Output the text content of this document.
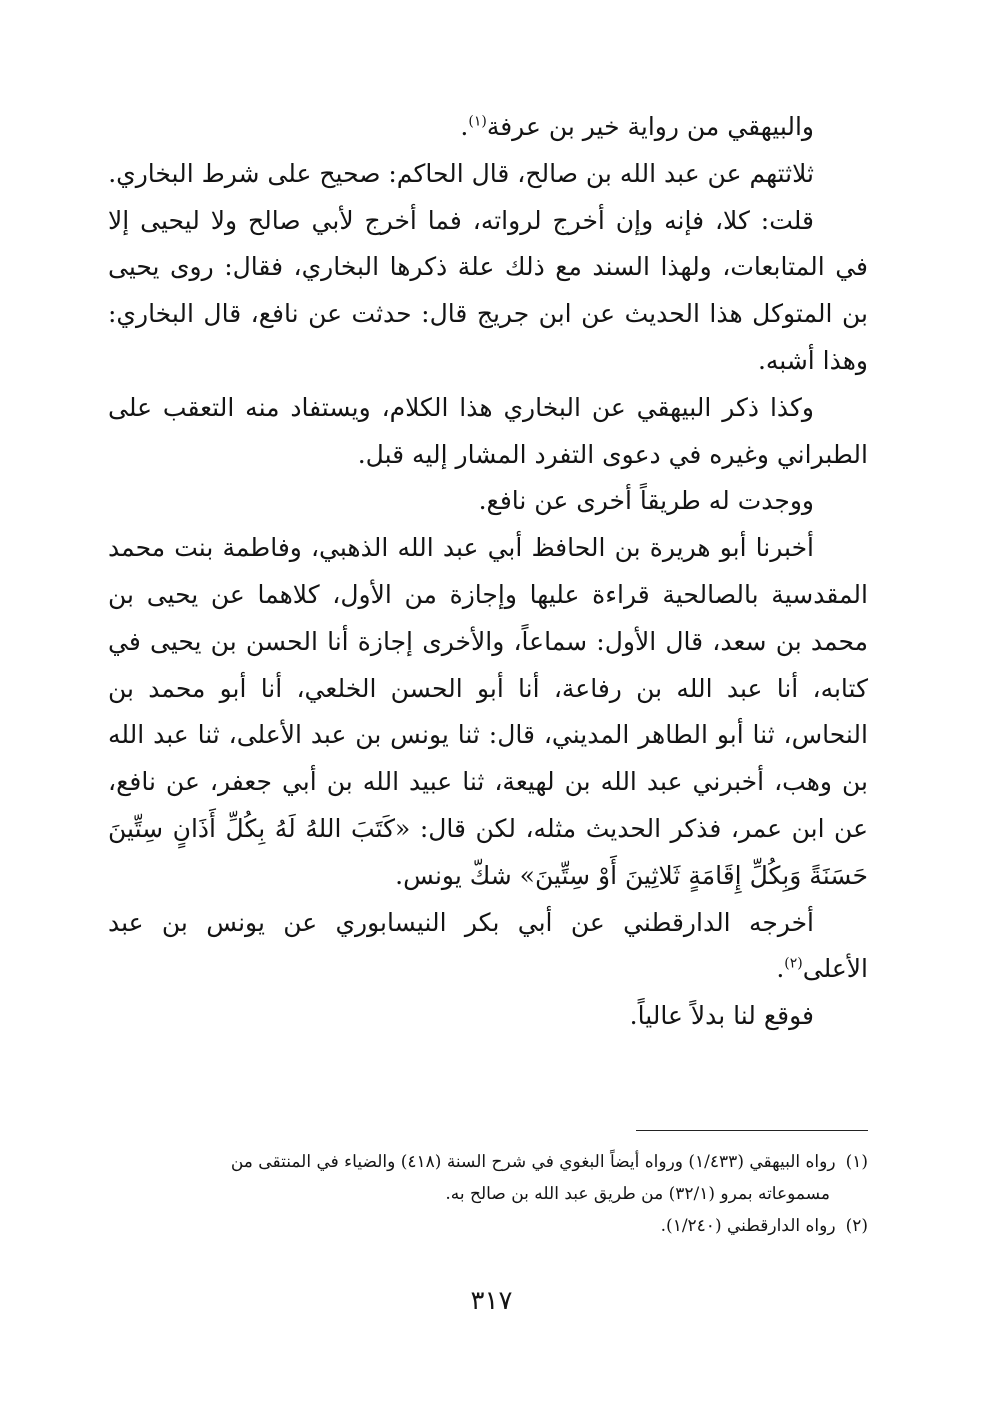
والبيهقي من رواية خير بن عرفة$^{(١)}$.

ثلاثتهم عن عبد الله بن صالح، قال الحاكم: صحيح على شرط البخاري.

قلت: كلا، فإنه وإن أخرج لرواته، فما أخرج لأبي صالح ولا ليحيى إلا في المتابعات، ولهذا السند مع ذلك علة ذكرها البخاري، فقال: روى يحيى بن المتوكل هذا الحديث عن ابن جريج قال: حدثت عن نافع، قال البخاري: وهذا أشبه.

وكذا ذكر البيهقي عن البخاري هذا الكلام، ويستفاد منه التعقب على الطبراني وغيره في دعوى التفرد المشار إليه قبل.

ووجدت له طريقاً أخرى عن نافع.

أخبرنا أبو هريرة بن الحافظ أبي عبد الله الذهبي، وفاطمة بنت محمد المقدسية بالصالحية قراءة عليها وإجازة من الأول، كلاهما عن يحيى بن محمد بن سعد، قال الأول: سماعاً، والأخرى إجازة أنا الحسن بن يحيى في كتابه، أنا عبد الله بن رفاعة، أنا أبو الحسن الخلعي، أنا أبو محمد بن النحاس، ثنا أبو الطاهر المديني، قال: ثنا يونس بن عبد الأعلى، ثنا عبد الله بن وهب، أخبرني عبد الله بن لهيعة، ثنا عبيد الله بن أبي جعفر، عن نافع، عن ابن عمر، فذكر الحديث مثله، لكن قال: «كَتَبَ اللهُ لَهُ بِكُلِّ أَذَانٍ سِتِّينَ حَسَنَةً وَبِكُلِّ إِقَامَةٍ ثَلاثِينَ أَوْ سِتِّينَ» شكّ يونس.

أخرجه الدارقطني عن أبي بكر النيسابوري عن يونس بن عبد الأعلى$^{(٢)}$.

فوقع لنا بدلاً عالياً.

(١)رواه البيهقي (١/٤٣٣) ورواه أيضاً البغوي في شرح السنة (٤١٨) والضياء في المنتقى من

مسموعاته بمرو (٣٢/١) من طريق عبد الله بن صالح به.

(٢)رواه الدارقطني (١/٢٤٠).

٣١٧
